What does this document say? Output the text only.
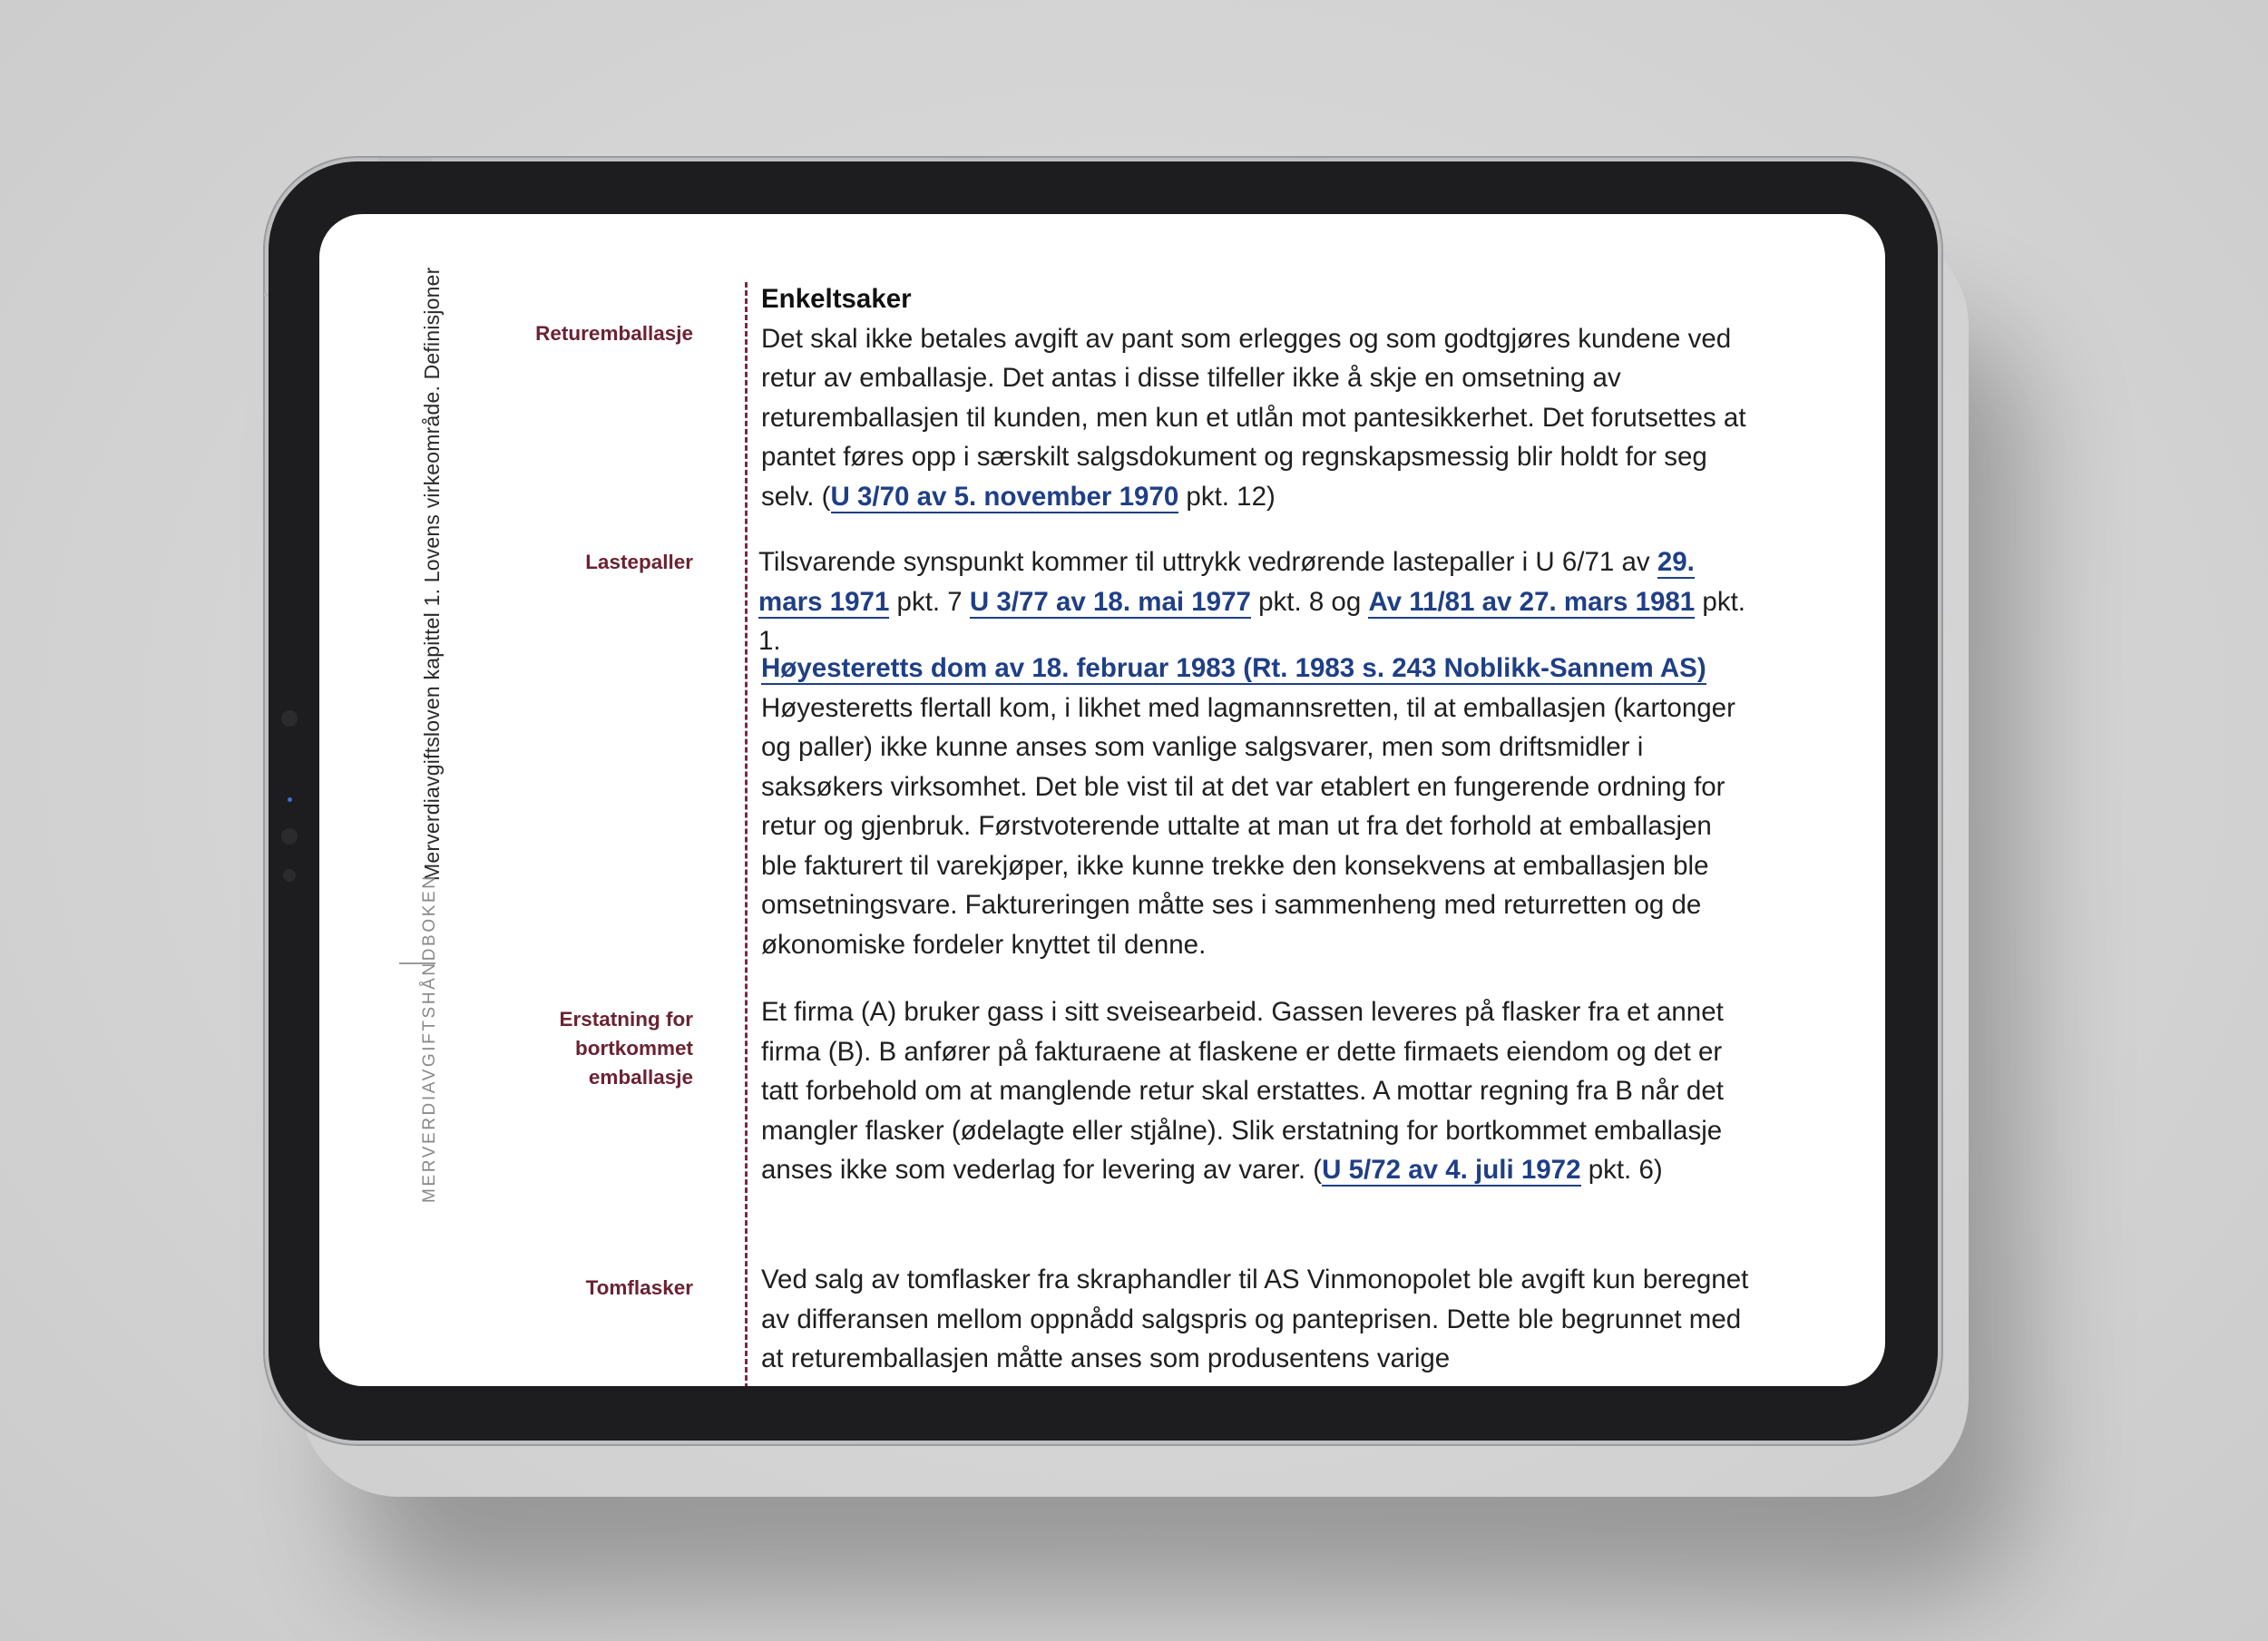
Merverdiavgiftsloven kapittel 1. Lovens virkeområde. Definisjoner
MERVERDIAVGIFTSHÅNDBOKEN
Returemballasje
Lastepaller
Erstatning for
bortkommet
emballasje
Tomflasker
Enkeltsaker
Det skal ikke betales avgift av pant som erlegges og som godtgjøres kundene ved retur av emballasje. Det antas i disse tilfeller ikke å skje en omsetning av returemballasjen til kunden, men kun et utlån mot pantesikkerhet. Det forutsettes at pantet føres opp i særskilt salgsdokument og regnskapsmessig blir holdt for seg selv. (U 3/70 av 5. november 1970 pkt. 12)
Tilsvarende synspunkt kommer til uttrykk vedrørende lastepaller i U 6/71 av 29. mars 1971 pkt. 7 U 3/77 av 18. mai 1977 pkt. 8 og Av 11/81 av 27. mars 1981 pkt. 1.
Høyesteretts dom av 18. februar 1983 (Rt. 1983 s. 243 Noblikk-Sannem AS)
Høyesteretts flertall kom, i likhet med lagmannsretten, til at emballasjen (kartonger og paller) ikke kunne anses som vanlige salgsvarer, men som driftsmidler i saksøkers virksomhet. Det ble vist til at det var etablert en fungerende ordning for retur og gjenbruk. Førstvoterende uttalte at man ut fra det forhold at emballasjen ble fakturert til varekjøper, ikke kunne trekke den konsekvens at emballasjen ble omsetningsvare. Faktureringen måtte ses i sammenheng med returretten og de økonomiske fordeler knyttet til denne.
Et firma (A) bruker gass i sitt sveisearbeid. Gassen leveres på flasker fra et annet firma (B). B anfører på fakturaene at flaskene er dette firmaets eiendom og det er tatt forbehold om at manglende retur skal erstattes. A mottar regning fra B når det mangler flasker (ødelagte eller stjålne). Slik erstatning for bortkommet emballasje anses ikke som vederlag for levering av varer. (U 5/72 av 4. juli 1972 pkt. 6)
Ved salg av tomflasker fra skraphandler til AS Vinmonopolet ble avgift kun beregnet av differansen mellom oppnådd salgspris og panteprisen. Dette ble begrunnet med at returemballasjen måtte anses som produsentens varige
